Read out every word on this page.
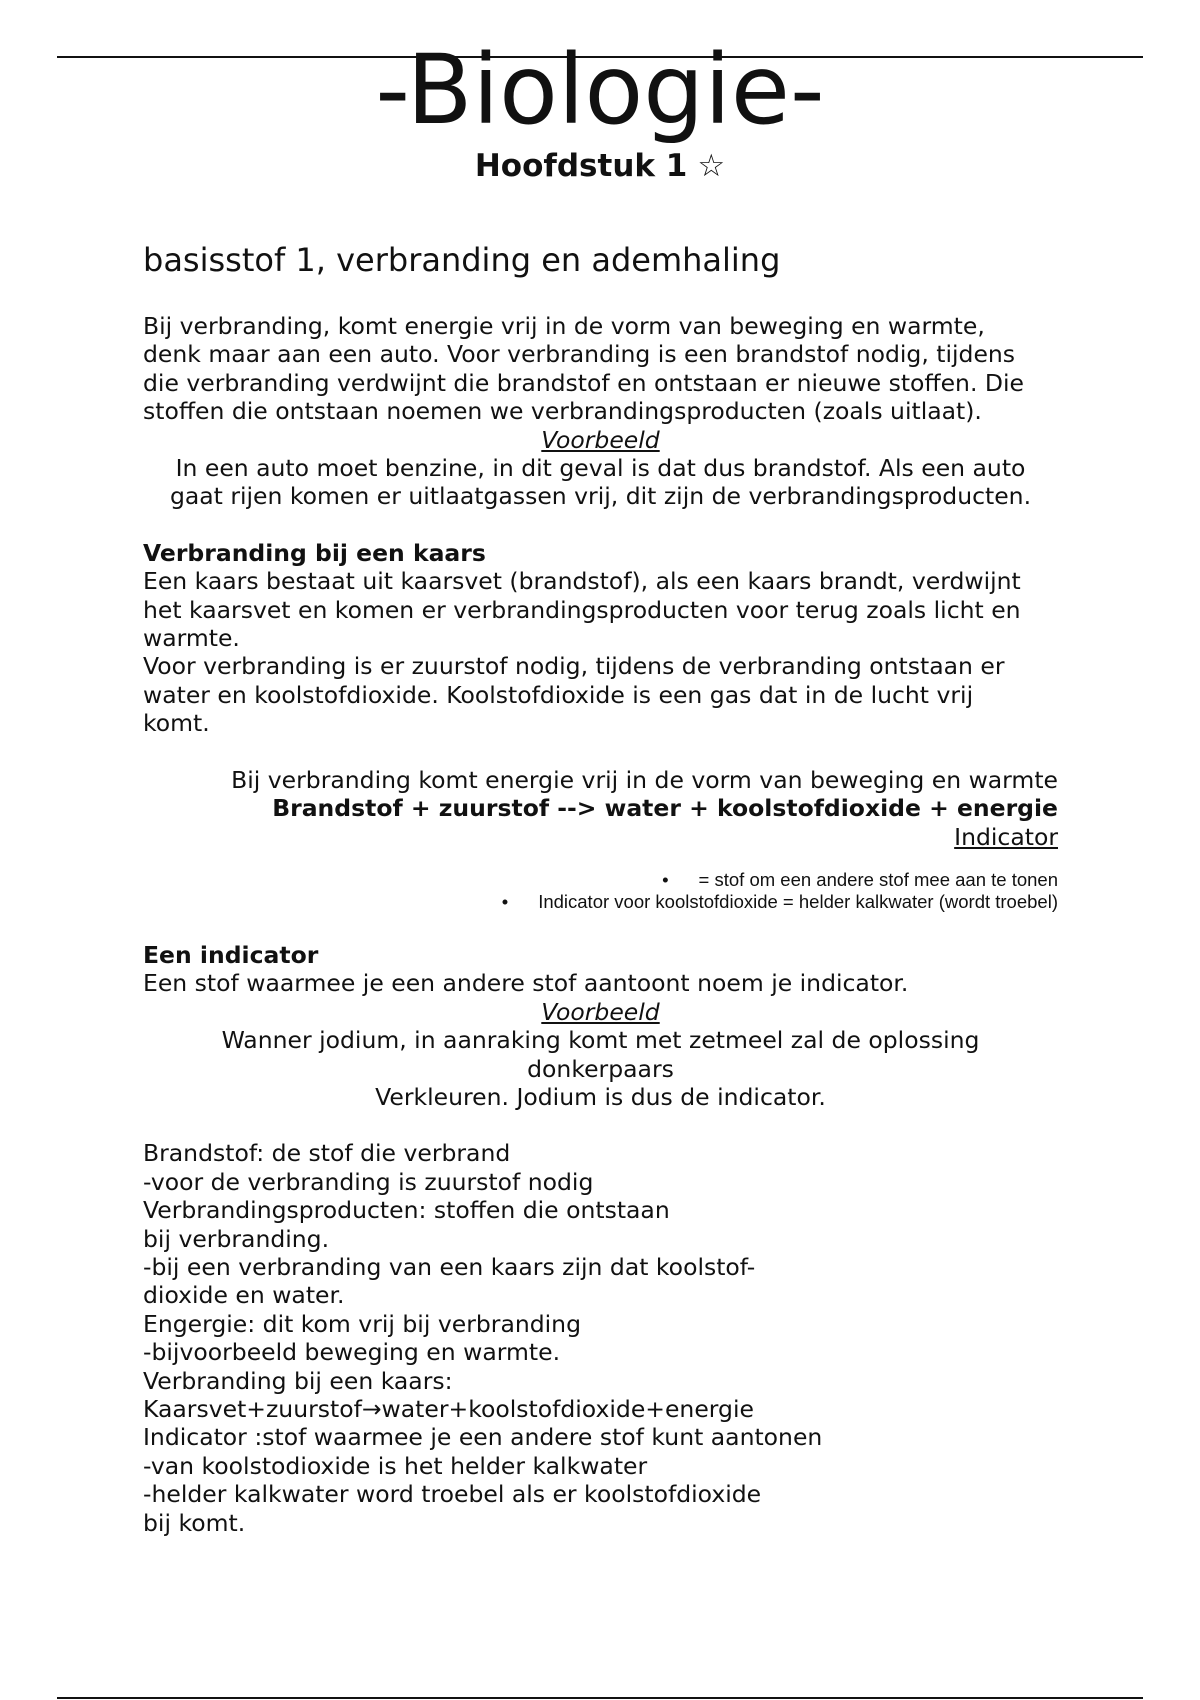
-Biologie-
Hoofdstuk 1 ☆
basisstof 1, verbranding en ademhaling

Bij verbranding, komt energie vrij in de vorm van beweging en warmte,

denk maar aan een auto. Voor verbranding is een brandstof nodig, tijdens

die verbranding verdwijnt die brandstof en ontstaan er nieuwe stoffen. Die

stoffen die ontstaan noemen we verbrandingsproducten (zoals uitlaat).

Voorbeeld

In een auto moet benzine, in dit geval is dat dus brandstof. Als een auto

gaat rijen komen er uitlaatgassen vrij, dit zijn de verbrandingsproducten.

Verbranding bij een kaars

Een kaars bestaat uit kaarsvet (brandstof), als een kaars brandt, verdwijnt

het kaarsvet en komen er verbrandingsproducten voor terug zoals licht en

warmte.

Voor verbranding is er zuurstof nodig, tijdens de verbranding ontstaan er

water en koolstofdioxide. Koolstofdioxide is een gas dat in de lucht vrij

komt.

Bij verbranding komt energie vrij in de vorm van beweging en warmte

Brandstof + zuurstof --> water + koolstofdioxide + energie

Indicator

• = stof om een andere stof mee aan te tonen
• Indicator voor koolstofdioxide = helder kalkwater (wordt troebel)

Een indicator

Een stof waarmee je een andere stof aantoont noem je indicator.

Voorbeeld

Wanner jodium, in aanraking komt met zetmeel zal de oplossing

donkerpaars

Verkleuren. Jodium is dus de indicator.

Brandstof: de stof die verbrand

-voor de verbranding is zuurstof nodig

Verbrandingsproducten: stoffen die ontstaan

bij verbranding.

-bij een verbranding van een kaars zijn dat koolstof-

dioxide en water.

Engergie: dit kom vrij bij verbranding

-bijvoorbeeld beweging en warmte.

Verbranding bij een kaars:

Kaarsvet+zuurstof→water+koolstofdioxide+energie

Indicator :stof waarmee je een andere stof kunt aantonen

-van koolstodioxide is het helder kalkwater

-helder kalkwater word troebel als er koolstofdioxide

bij komt.
